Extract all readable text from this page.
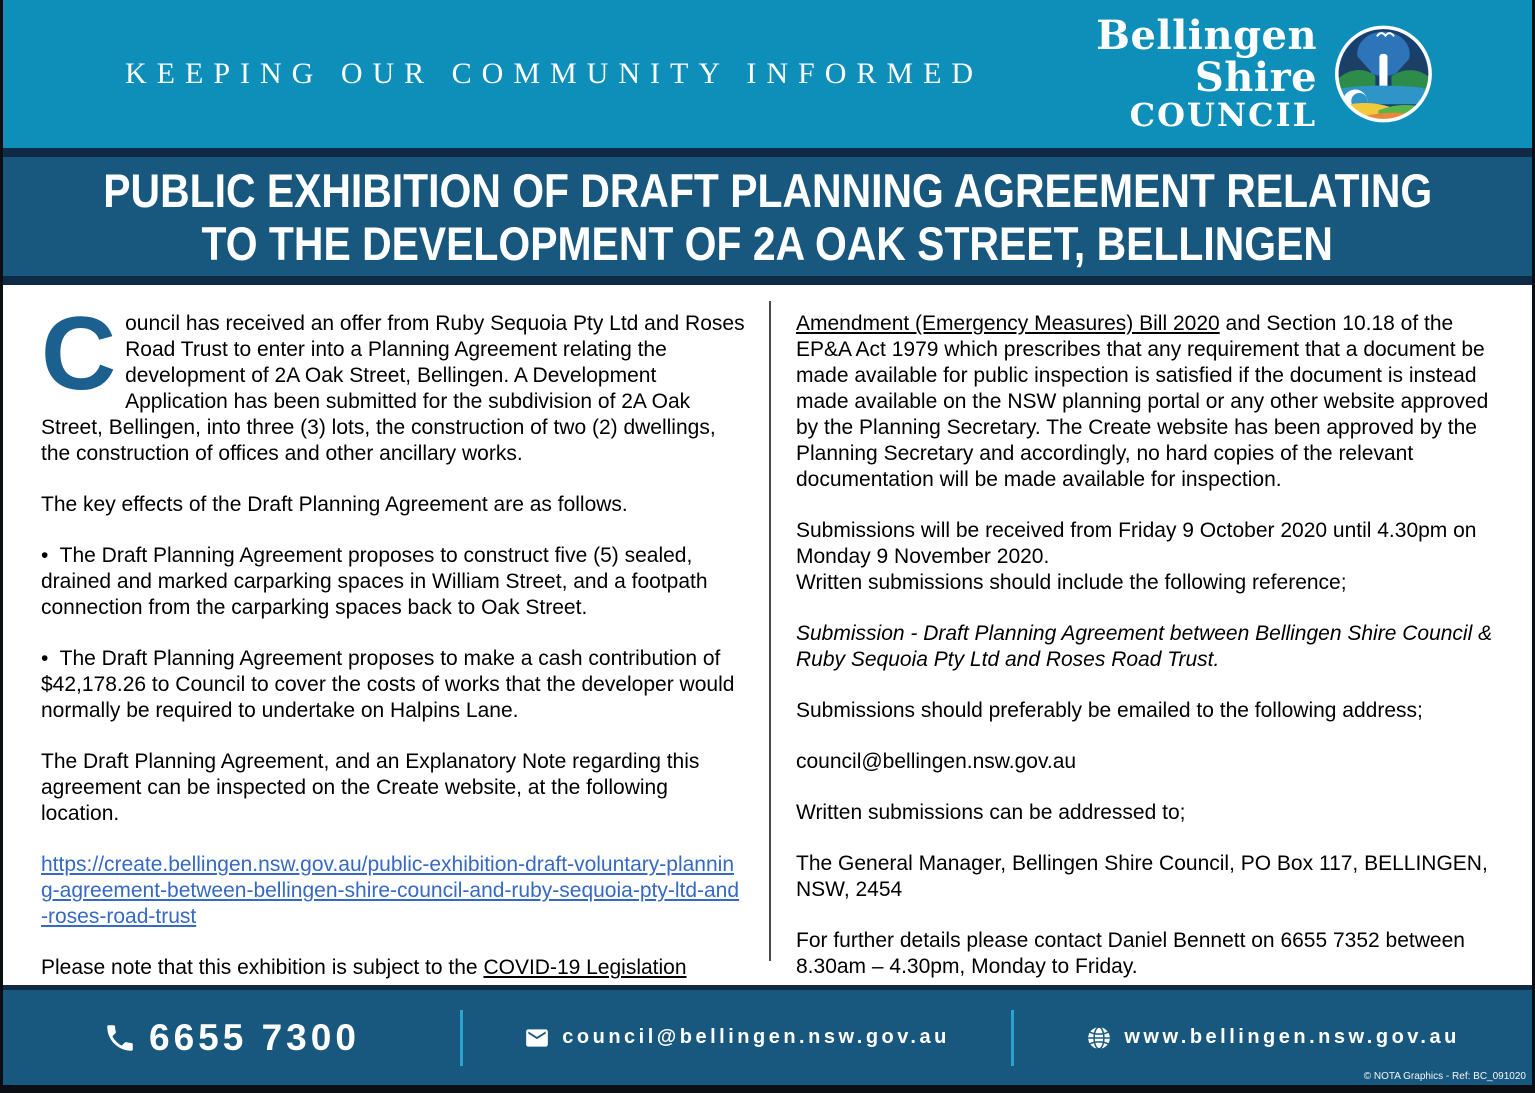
KEEPING OUR COMMUNITY INFORMED
Bellingen Shire
COUNCIL
PUBLIC EXHIBITION OF DRAFT PLANNING AGREEMENT RELATING
TO THE DEVELOPMENT OF 2A OAK STREET, BELLINGEN

Council has received an offer from Ruby Sequoia Pty Ltd and Roses Road Trust to enter into a Planning Agreement relating the development of 2A Oak Street, Bellingen. A Development Application has been submitted for the subdivision of 2A Oak Street, Bellingen, into three (3) lots, the construction of two (2) dwellings, the construction of offices and other ancillary works.

The key effects of the Draft Planning Agreement are as follows.

•  The Draft Planning Agreement proposes to construct five (5) sealed, drained and marked carparking spaces in William Street, and a footpath connection from the carparking spaces back to Oak Street.

•  The Draft Planning Agreement proposes to make a cash contribution of $42,178.26 to Council to cover the costs of works that the developer would normally be required to undertake on Halpins Lane.

The Draft Planning Agreement, and an Explanatory Note regarding this agreement can be inspected on the Create website, at the following location.

https://create.bellingen.nsw.gov.au/public-exhibition-draft-voluntary-planning-agreement-between-bellingen-shire-council-and-ruby-sequoia-pty-ltd-and-roses-road-trust

Please note that this exhibition is subject to the COVID-19 Legislation

Amendment (Emergency Measures) Bill 2020 and Section 10.18 of the EP&A Act 1979 which prescribes that any requirement that a document be made available for public inspection is satisfied if the document is instead made available on the NSW planning portal or any other website approved by the Planning Secretary. The Create website has been approved by the Planning Secretary and accordingly, no hard copies of the relevant documentation will be made available for inspection.

Submissions will be received from Friday 9 October 2020 until 4.30pm on Monday 9 November 2020.
Written submissions should include the following reference;

Submission - Draft Planning Agreement between Bellingen Shire Council & Ruby Sequoia Pty Ltd and Roses Road Trust.

Submissions should preferably be emailed to the following address;

council@bellingen.nsw.gov.au

Written submissions can be addressed to;

The General Manager, Bellingen Shire Council, PO Box 117, BELLINGEN, NSW, 2454

For further details please contact Daniel Bennett on 6655 7352 between 8.30am – 4.30pm, Monday to Friday.

6655 7300	council@bellingen.nsw.gov.au	www.bellingen.nsw.gov.au
© NOTA Graphics - Ref: BC_091020
